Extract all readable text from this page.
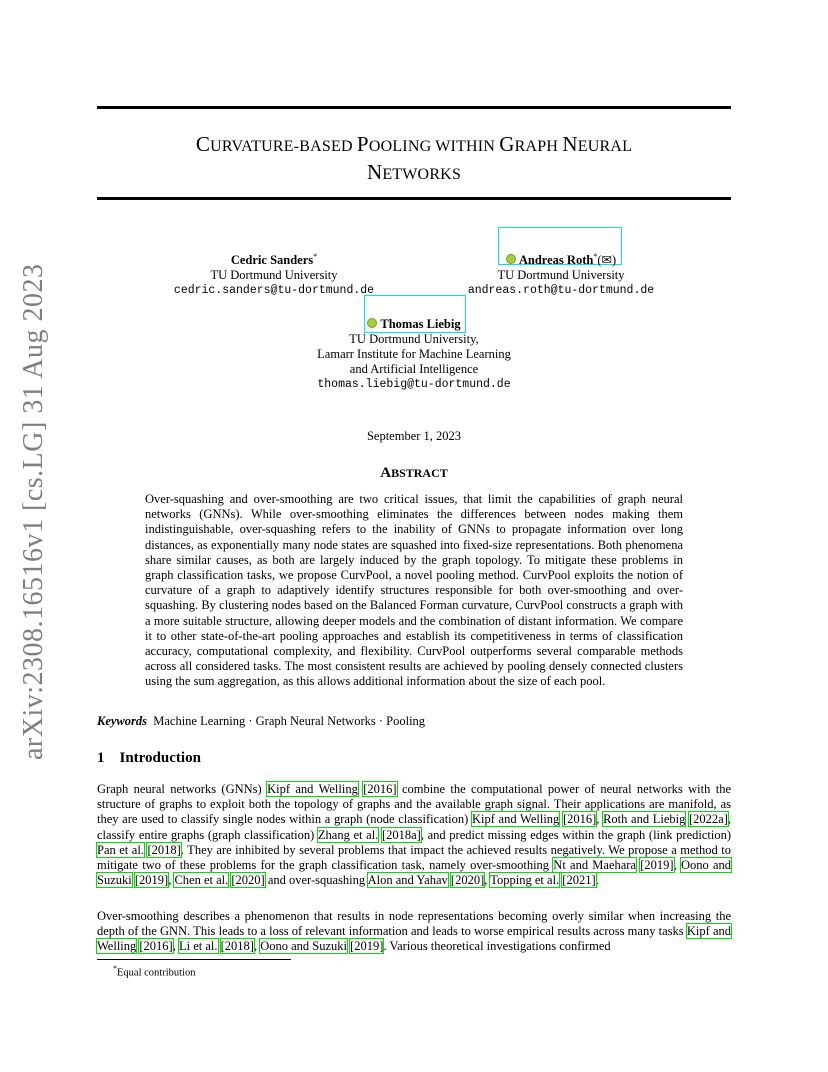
arXiv:2308.16516v1 [cs.LG] 31 Aug 2023
CURVATURE-BASED POOLING WITHIN GRAPH NEURAL
NETWORKS
Cedric Sanders*
TU Dortmund University
cedric.sanders@tu-dortmund.de
Andreas Roth*(✉)
TU Dortmund University
andreas.roth@tu-dortmund.de
Thomas Liebig
TU Dortmund University,
Lamarr Institute for Machine Learning
and Artificial Intelligence
thomas.liebig@tu-dortmund.de
September 1, 2023
ABSTRACT
Over-squashing and over-smoothing are two critical issues, that limit the capabilities of graph neural networks (GNNs). While over-smoothing eliminates the differences between nodes making them indistinguishable, over-squashing refers to the inability of GNNs to propagate information over long distances, as exponentially many node states are squashed into fixed-size representations. Both phenomena share similar causes, as both are largely induced by the graph topology. To mitigate these problems in graph classification tasks, we propose CurvPool, a novel pooling method. CurvPool exploits the notion of curvature of a graph to adaptively identify structures responsible for both over-smoothing and over-squashing. By clustering nodes based on the Balanced Forman curvature, CurvPool constructs a graph with a more suitable structure, allowing deeper models and the combination of distant information. We compare it to other state-of-the-art pooling approaches and establish its competitiveness in terms of classification accuracy, computational complexity, and flexibility. CurvPool outperforms several comparable methods across all considered tasks. The most consistent results are achieved by pooling densely connected clusters using the sum aggregation, as this allows additional information about the size of each pool.
Keywords Machine Learning · Graph Neural Networks · Pooling
1 Introduction
Graph neural networks (GNNs) Kipf and Welling [2016] combine the computational power of neural networks with the structure of graphs to exploit both the topology of graphs and the available graph signal. Their applications are manifold, as they are used to classify single nodes within a graph (node classification) Kipf and Welling [2016], Roth and Liebig [2022a], classify entire graphs (graph classification) Zhang et al. [2018a], and predict missing edges within the graph (link prediction) Pan et al. [2018]. They are inhibited by several problems that impact the achieved results negatively. We propose a method to mitigate two of these problems for the graph classification task, namely over-smoothing Nt and Maehara [2019], Oono and Suzuki [2019], Chen et al. [2020] and over-squashing Alon and Yahav [2020], Topping et al. [2021].
Over-smoothing describes a phenomenon that results in node representations becoming overly similar when increasing the depth of the GNN. This leads to a loss of relevant information and leads to worse empirical results across many tasks Kipf and Welling [2016], Li et al. [2018], Oono and Suzuki [2019]. Various theoretical investigations confirmed
*Equal contribution
